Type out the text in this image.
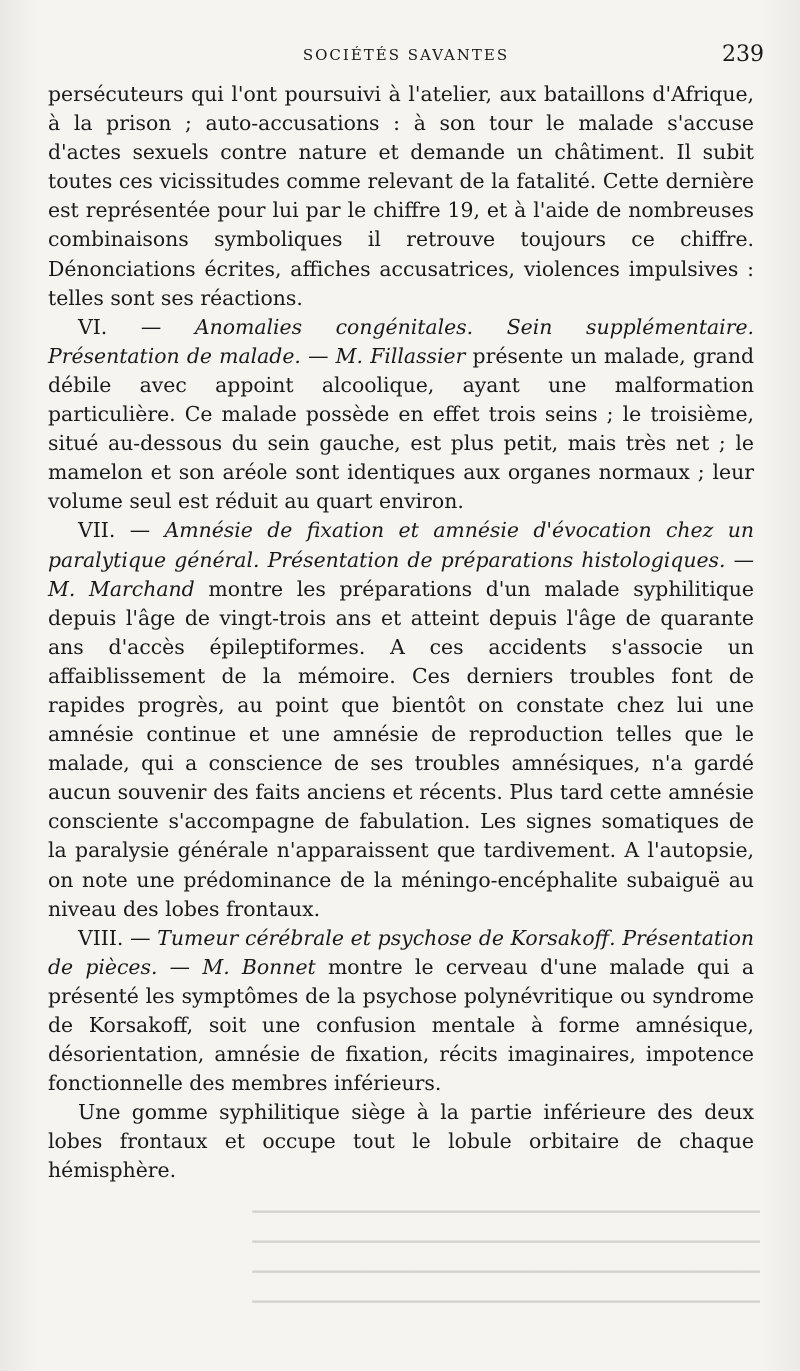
SOCIÉTÉS SAVANTES	239

persécuteurs qui l'ont poursuivi à l'atelier, aux bataillons d'Afrique, à la prison ; auto-accusations : à son tour le malade s'accuse d'actes sexuels contre nature et demande un châtiment. Il subit toutes ces vicissitudes comme relevant de la fatalité. Cette dernière est représentée pour lui par le chiffre 19, et à l'aide de nombreuses combinaisons symboliques il retrouve toujours ce chiffre. Dénonciations écrites, affiches accusatrices, violences impulsives : telles sont ses réactions.

VI. — Anomalies congénitales. Sein supplémentaire. Présentation de malade. — M. Fillassier présente un malade, grand débile avec appoint alcoolique, ayant une malformation particulière. Ce malade possède en effet trois seins ; le troisième, situé au-dessous du sein gauche, est plus petit, mais très net ; le mamelon et son aréole sont identiques aux organes normaux ; leur volume seul est réduit au quart environ.

VII. — Amnésie de fixation et amnésie d'évocation chez un paralytique général. Présentation de préparations histologiques. — M. Marchand montre les préparations d'un malade syphilitique depuis l'âge de vingt-trois ans et atteint depuis l'âge de quarante ans d'accès épileptiformes. A ces accidents s'associe un affaiblissement de la mémoire. Ces derniers troubles font de rapides progrès, au point que bientôt on constate chez lui une amnésie continue et une amnésie de reproduction telles que le malade, qui a conscience de ses troubles amnésiques, n'a gardé aucun souvenir des faits anciens et récents. Plus tard cette amnésie consciente s'accompagne de fabulation. Les signes somatiques de la paralysie générale n'apparaissent que tardivement. A l'autopsie, on note une prédominance de la méningo-encéphalite subaiguë au niveau des lobes frontaux.

VIII. — Tumeur cérébrale et psychose de Korsakoff. Présentation de pièces. — M. Bonnet montre le cerveau d'une malade qui a présenté les symptômes de la psychose polynévritique ou syndrome de Korsakoff, soit une confusion mentale à forme amnésique, désorientation, amnésie de fixation, récits imaginaires, impotence fonctionnelle des membres inférieurs.

Une gomme syphilitique siège à la partie inférieure des deux lobes frontaux et occupe tout le lobule orbitaire de chaque hémisphère.

▁▁▁▁▁▁▁▁▁▁▁▁▁▁▁▁▁▁▁▁▁▁▁▁▁▁▁▁▁▁▁▁▁▁▁▁▁▁▁▁▁▁▁▁
▁▁▁▁▁▁▁▁▁▁▁▁▁▁▁▁▁▁▁▁▁▁▁▁▁▁▁▁▁▁▁▁▁▁▁▁▁▁▁▁▁▁▁▁
▁▁▁▁▁▁▁▁▁▁▁▁▁▁▁▁▁▁▁▁▁▁▁▁▁▁▁▁▁▁▁▁▁▁▁▁▁▁▁▁▁▁▁▁
▁▁▁▁▁▁▁▁▁▁▁▁▁▁▁▁▁▁▁▁▁▁▁▁▁▁▁▁▁▁▁▁▁▁▁▁▁▁▁▁▁▁▁▁
